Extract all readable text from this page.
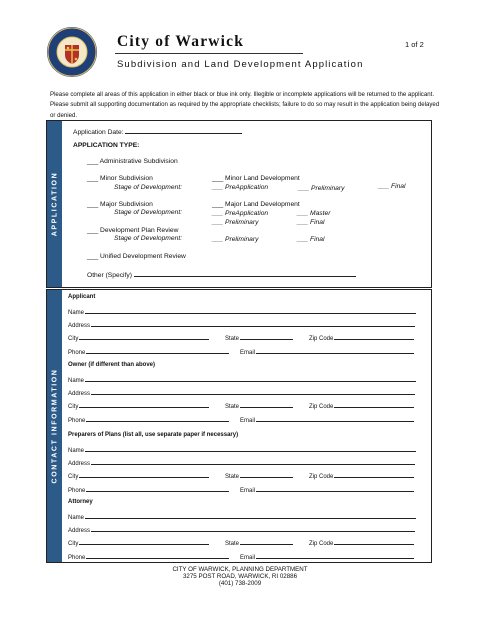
City of Warwick
Subdivision and Land Development Application
1 of 2
Please complete all areas of this application in either black or blue ink only. Illegible or incomplete applications will be returned to the applicant. Please submit all supporting documentation as required by the appropriate checklists; failure to do so may result in the application being delayed or denied.
APPLICATION
Application Date:
APPLICATION TYPE:
___ Administrative Subdivision
___ Minor Subdivision
Stage of Development:
___ Minor Land Development
___ PreApplication	___ Preliminary	___ Final
___ Major Subdivision
Stage of Development:
___ Major Land Development
___ PreApplication	___ Master
___ Preliminary	___ Final
___ Development Plan Review
Stage of Development:	___ Preliminary	___ Final
___ Unified Development Review
Other (Specify)
CONTACT INFORMATION
Applicant
Name
Address
City	State	Zip Code
Phone	Email
Owner (if different than above)
Name
Address
City	State	Zip Code
Phone	Email
Preparers of Plans (list all, use separate paper if necessary)
Name
Address
City	State	Zip Code
Phone	Email
Attorney
Name
Address
City	State	Zip Code
Phone	Email
CITY OF WARWICK, PLANNING DEPARTMENT
3275 POST ROAD, WARWICK, RI 02886
(401) 738-2009
